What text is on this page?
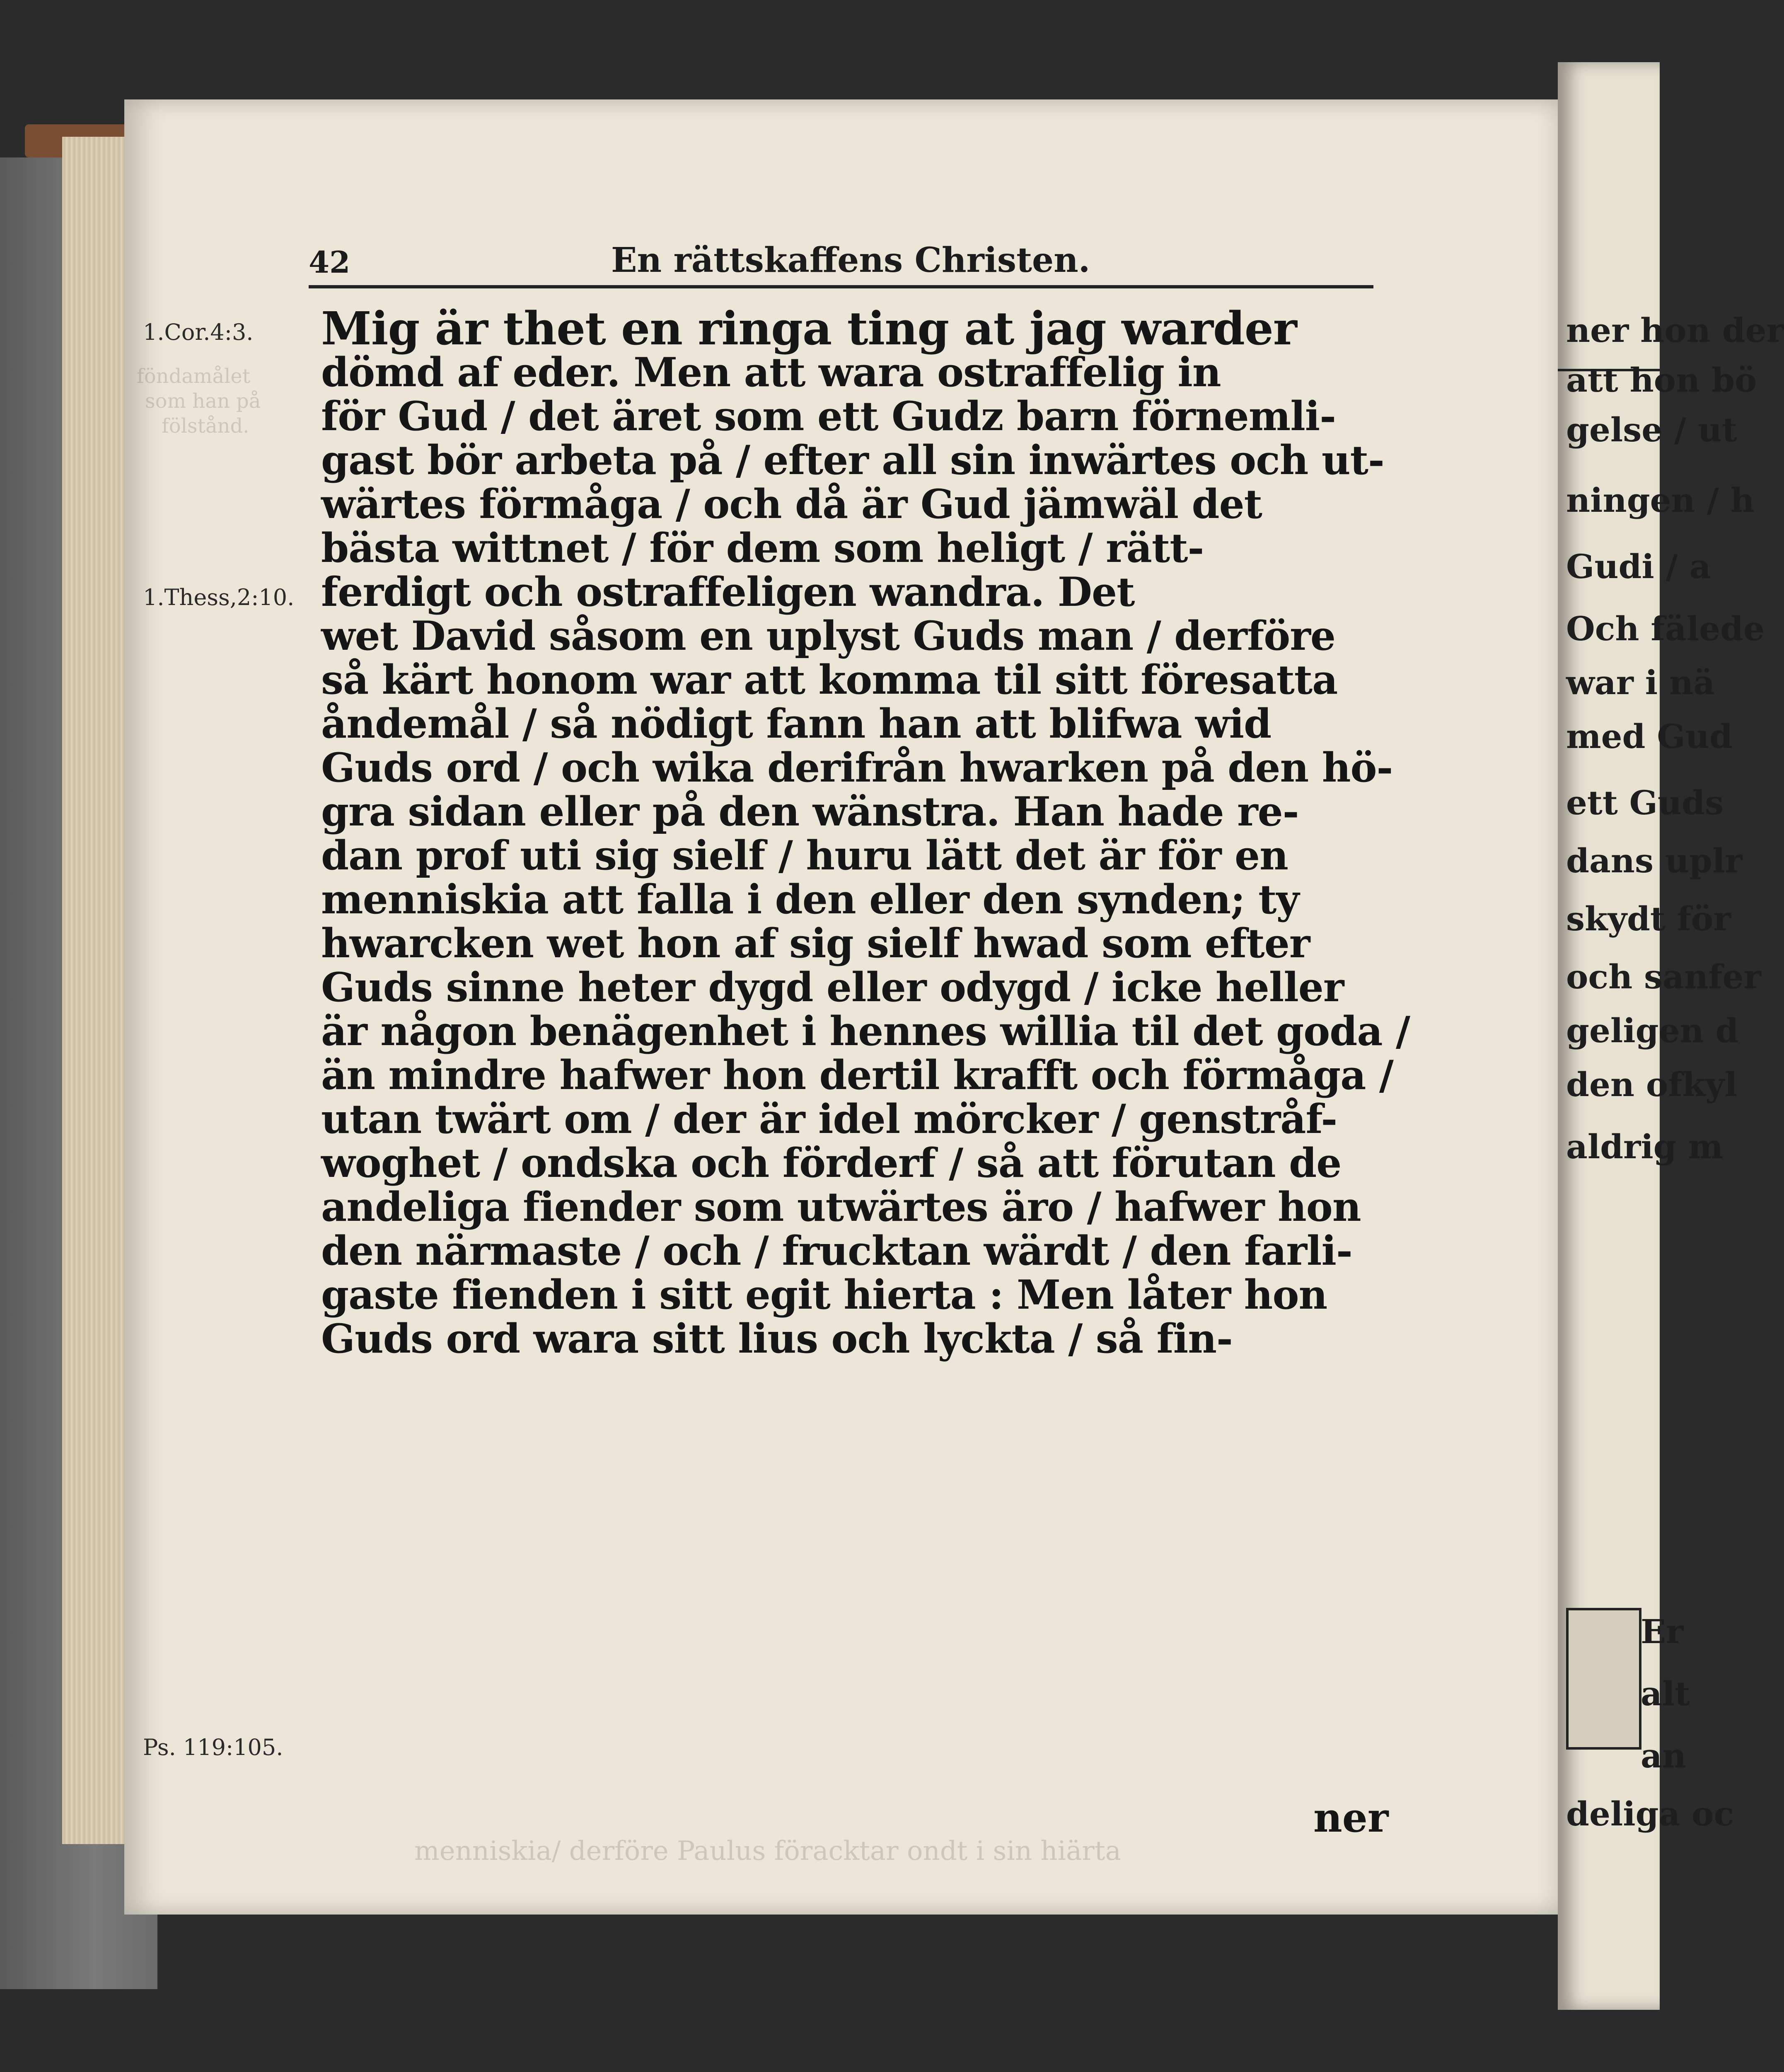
föndamålet
som han på
fölstånd.
menniskia/ derföre Paulus föracktar ondt i sin hiärta
42	En rättskaffens Christen.
1.Cor.4:3.
1.Thess,2:10.
Ps. 119:105.
Mig är thet en ringa ting at jag warder
dömd af eder. Men att wara ostraffelig in
för Gud / det äret som ett Gudz barn förnemli-
gast bör arbeta på / efter all sin inwärtes och ut-
wärtes förmåga / och då är Gud jämwäl det
bästa wittnet / för dem som heligt / rätt-
ferdigt och ostraffeligen wandra. Det
wet David såsom en uplyst Guds man / derföre
så kärt honom war att komma til sitt föresatta
åndemål / så nödigt fann han att blifwa wid
Guds ord / och wika derifrån hwarken på den hö-
gra sidan eller på den wänstra. Han hade re-
dan prof uti sig sielf / huru lätt det är för en
menniskia att falla i den eller den synden; ty
hwarcken wet hon af sig sielf hwad som efter
Guds sinne heter dygd eller odygd / icke heller
är någon benägenhet i hennes willia til det goda /
än mindre hafwer hon dertil krafft och förmåga /
utan twärt om / der är idel mörcker / genstråf-
woghet / ondska och förderf / så att förutan de
andeliga fiender som utwärtes äro / hafwer hon
den närmaste / och / frucktan wärdt / den farli-
gaste fienden i sitt egit hierta : Men låter hon
Guds ord wara sitt lius och lyckta / så fin-
ner
ner hon der
att hon bö
gelse / ut
ningen / h
Gudi / a
Och fälede
war i nä
med Gud
ett Guds
dans uplr
skydt för
och sanfer
geligen d
den ofkyl
aldrig m
Er
alt
an
deliga oc
